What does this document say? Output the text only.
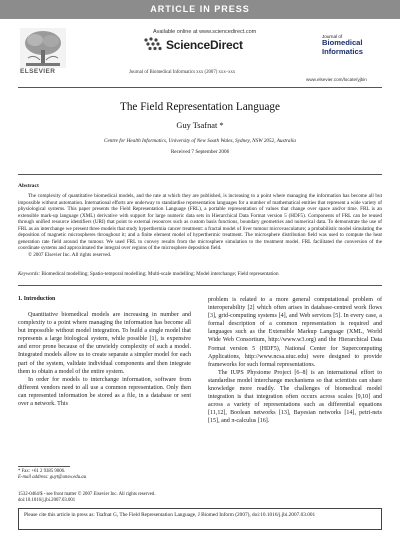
ARTICLE IN PRESS
ELSEVIER
Available online at www.sciencedirect.com
ScienceDirect
Journal of Biomedical Informatics xxx (2007) xxx–xxx
Journal of
Biomedical
Informatics
www.elsevier.com/locate/yjbin
The Field Representation Language
Guy Tsafnat *
Centre for Health Informatics, University of New South Wales, Sydney, NSW 2052, Australia
Received 7 September 2006
Abstract

The complexity of quantitative biomedical models, and the rate at which they are published, is increasing to a point where managing the information has become all but impossible without automation. International efforts are underway to standardise representation languages for a number of mathematical entities that represent a wide variety of physiological systems. This paper presents the Field Representation Language (FRL), a portable representation of values that change over space and/or time. FRL is an extensible mark-up language (XML) derivative with support for large numeric data sets in Hierarchical Data Format version 5 (HDF5). Components of FRL can be reused through unified resource identifiers (URI) that point to external resources such as custom basis functions, boundary geometries and numerical data. To demonstrate the use of FRL as an interchange we present three models that study hyperthermia cancer treatment: a fractal model of liver tumour microvasculature; a probabilistic model simulating the deposition of magnetic microspheres throughout it; and a finite element model of hyperthermic treatment. The microsphere distribution field was used to compute the heat generation rate field around the tumour. We used FRL to convey results from the microsphere simulation to the treatment model. FRL facilitated the conversion of the coordinate systems and approximated the integral over regions of the microsphere deposition field.

© 2007 Elsevier Inc. All rights reserved.

Keywords: Biomedical modelling; Spatio-temporal modelling; Multi-scale modelling; Model interchange; Field representation
1. Introduction

Quantitative biomedical models are increasing in number and complexity to a point where managing the information has become all but impossible without model integration. To build a single model that represents a large biological system, while possible [1], is expensive and error prone because of the unwieldy complexity of such a model. Integrated models allow us to create separate a simpler model for each part of the system, validate individual components and then integrate them to obtain a model of the entire system.

In order for models to interchange information, software from different vendors need to all use a common representation. Only then can represented information be stored as a file, in a database or sent over a network. This

problem is related to a more general computational problem of interoperability [2] which often arises in database-centred work flows [3], grid-computing systems [4], and Web services [5]. In every case, a formal description of a common representation is required and languages such as the Extensible Markup Language (XML, World Wide Web Consortium, http://www.w3.org) and the Hierarchical Data Format version 5 (HDF5), National Center for Supercomputing Applications, http://www.ncsa.uiuc.edu) were designed to provide frameworks for such formal representations.

The IUPS Physiome Project [6–8] is an international effort to standardise model interchange mechanisms so that scientists can share knowledge more readily. The challenges of biomedical model integration is that integration often occurs across scales [9,10] and across a variety of representations such as differential equations [11,12], Boolean networks [13], Bayesian networks [14], petri-nets [15], and π-calculus [16].

* Fax: +61 2 9385 9006.
E-mail address: guyt@unsw.edu.au
1532-0464/$ - see front matter © 2007 Elsevier Inc. All rights reserved.
doi:10.1016/j.jbi.2007.03.001
Please cite this article in press as: Tsafnat G, The Field Representation Language, J Biomed Inform (2007), doi:10.1016/j.jbi.2007.03.001
